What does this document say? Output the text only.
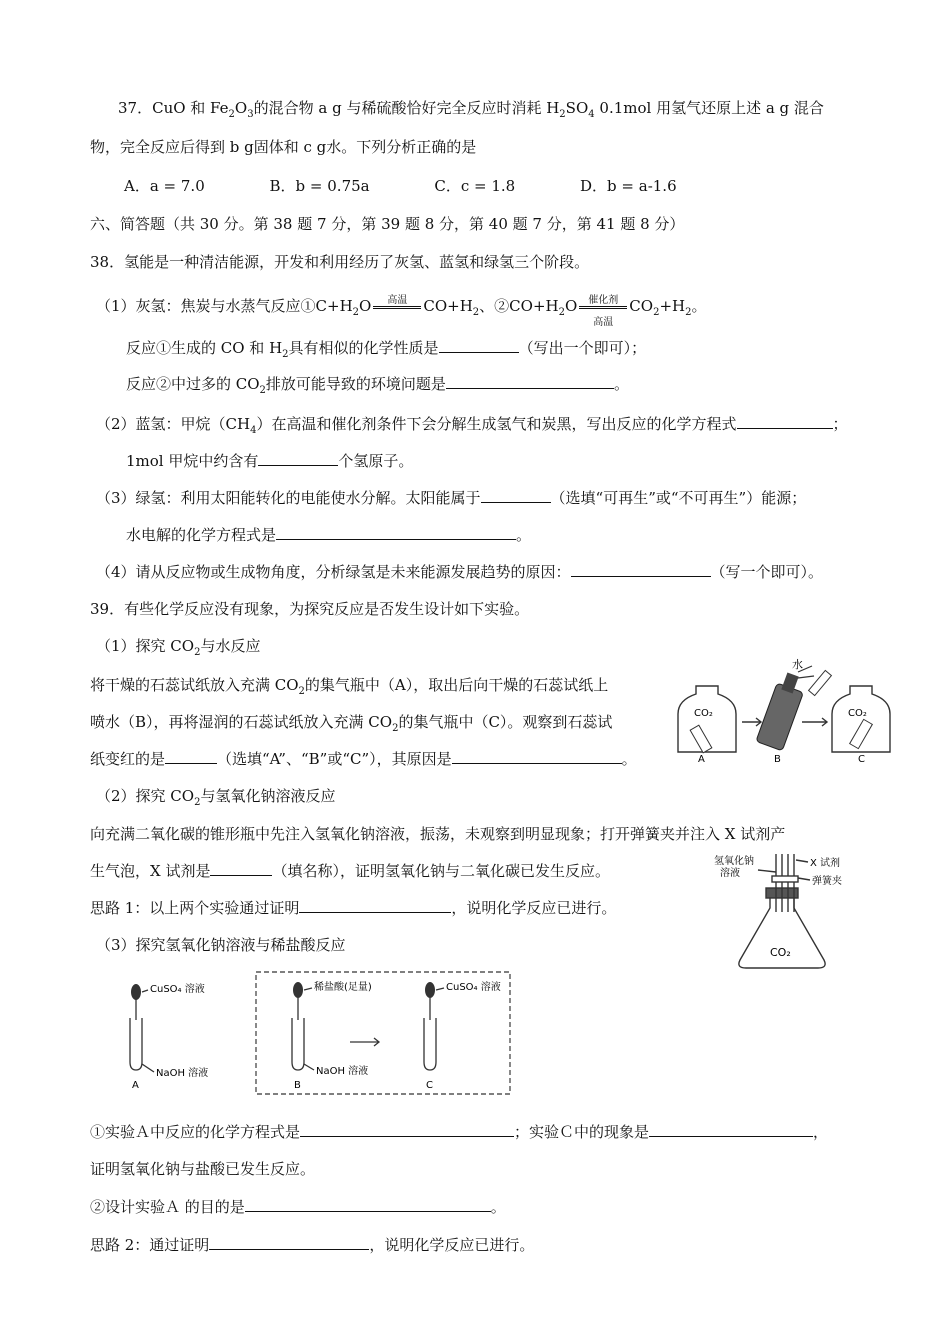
37．CuO 和 $Fe_2O_3$的混合物 a g 与稀硫酸恰好完全反应时消耗 $H_2SO_4$ 0.1mol 用氢气还原上述 a g 混合
物，完全反应后得到 b g固体和 c g水。下列分析正确的是
A．a = 7.0	B．b = 0.75a	C．c = 1.8	D．b = a-1.6
六、简答题（共 30 分。第 38 题 7 分，第 39 题 8 分，第 40 题 7 分，第 41 题 8 分）
38．氢能是一种清洁能源，开发和利用经历了灰氢、蓝氢和绿氢三个阶段。
（1）灰氢：焦炭与水蒸气反应$①C+H_2O$	高温	$CO+H_2$、$②CO+H_2O$	催化剂
高温
$CO_2+H_2$。
反应①生成的 CO 和 $H_2$具有相似的化学性质是	（写出一个即可）；
反应②中过多的 $CO_2$排放可能导致的环境问题是	。
（2）蓝氢：甲烷$(CH_4)$在高温和催化剂条件下会分解生成氢气和炭黑，写出反应的化学方程式	；
1mol 甲烷中约含有	个氢原子。
（3）绿氢：利用太阳能转化的电能使水分解。太阳能属于	（选填“可再生”或“不可再生”）能源；
水电解的化学方程式是	。
（4）请从反应物或生成物角度，分析绿氢是未来能源发展趋势的原因：	（写一个即可）。
39．有些化学反应没有现象，为探究反应是否发生设计如下实验。
（1）探究 $CO_2$与水反应
将干燥的石蕊试纸放入充满 $CO_2$的集气瓶中（A），取出后向干燥的石蕊试纸上
喷水（B），再将湿润的石蕊试纸放入充满 $CO_2$的集气瓶中（C）。观察到石蕊试
纸变红的是	（选填“A”、“B”或“C”），其原因是	。
CO₂	CO₂
水
A	B	C
（2）探究 $CO_2$与氢氧化钠溶液反应
向充满二氧化碳的锥形瓶中先注入氢氧化钠溶液，振荡，未观察到明显现象；打开弹簧夹并注入 X 试剂产
生气泡，X 试剂是	（填名称），证明氢氧化钠与二氧化碳已发生反应。
思路 1：以上两个实验通过证明	，说明化学反应已进行。
（3）探究氢氧化钠溶液与稀盐酸反应
氢氧化钠
溶液
X 试剂
弹簧夹
CO₂
CuSO₄ 溶液	稀盐酸(足量)	CuSO₄ 溶液
NaOH 溶液	NaOH 溶液
A	B	C
①实验Ａ中反应的化学方程式是	；实验Ｃ中的现象是	，
证明氢氧化钠与盐酸已发生反应。
②设计实验Ａ 的目的是	。
思路 2：通过证明	，说明化学反应已进行。
